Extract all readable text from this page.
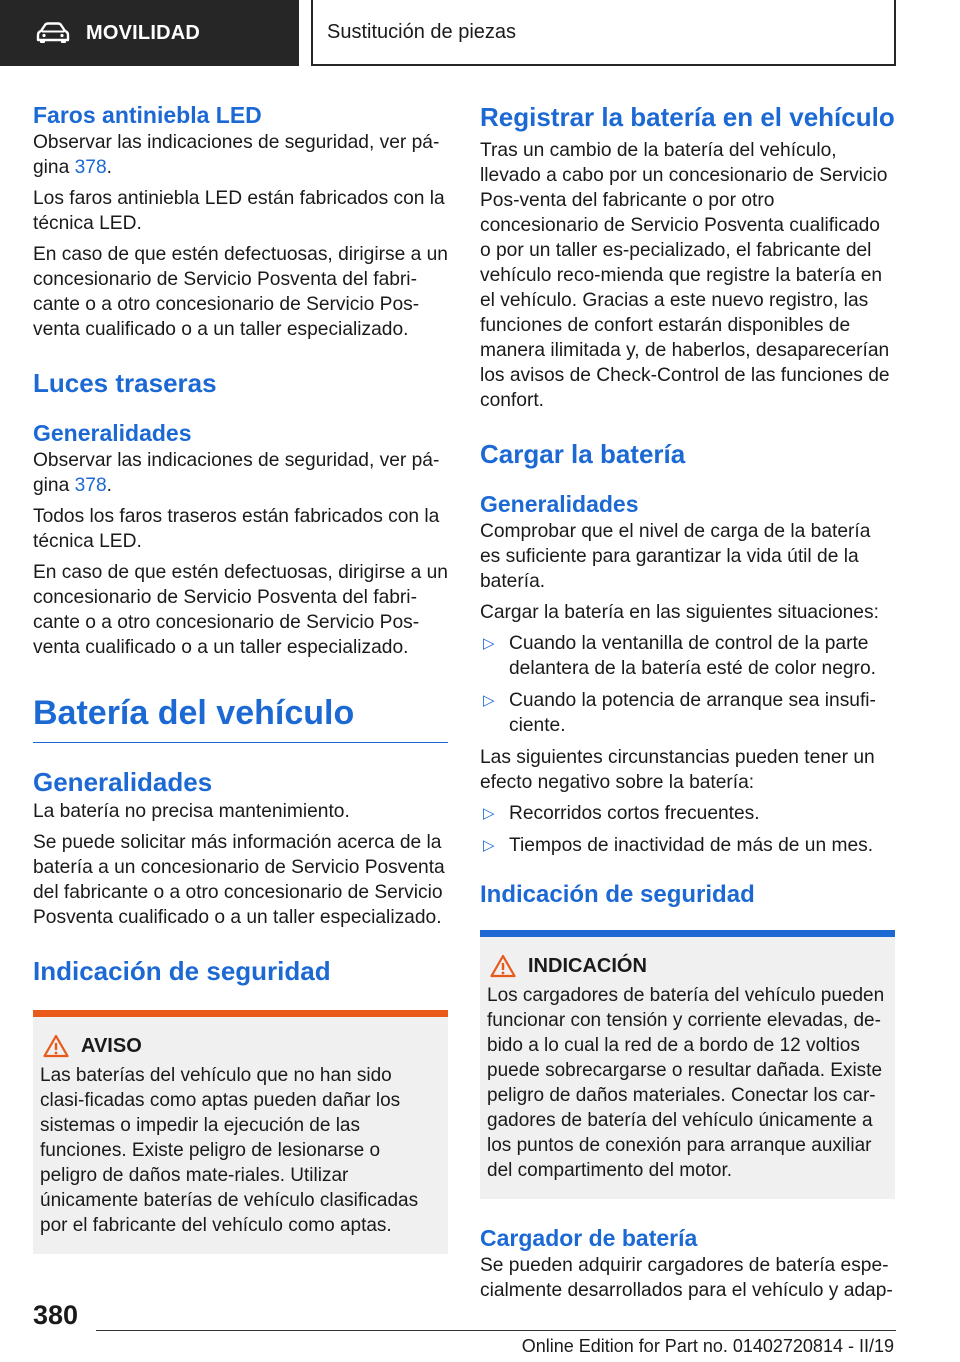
MOVILIDAD	Sustitución de piezas
Faros antiniebla LED

Observar las indicaciones de seguridad, ver pá-gina 378.

Los faros antiniebla LED están fabricados con la técnica LED.

En caso de que estén defectuosas, dirigirse a un concesionario de Servicio Posventa del fabri-cante o a otro concesionario de Servicio Pos-venta cualificado o a un taller especializado.

Luces traseras
Generalidades

Observar las indicaciones de seguridad, ver pá-gina 378.

Todos los faros traseros están fabricados con la técnica LED.

En caso de que estén defectuosas, dirigirse a un concesionario de Servicio Posventa del fabri-cante o a otro concesionario de Servicio Pos-venta cualificado o a un taller especializado.

Batería del vehículo
Generalidades

La batería no precisa mantenimiento.

Se puede solicitar más información acerca de la batería a un concesionario de Servicio Posventa del fabricante o a otro concesionario de Servicio Posventa cualificado o a un taller especializado.

Indicación de seguridad
AVISO

Las baterías del vehículo que no han sido clasi-ficadas como aptas pueden dañar los sistemas o impedir la ejecución de las funciones. Existe peligro de lesionarse o peligro de daños mate-riales. Utilizar únicamente baterías de vehículo clasificadas por el fabricante del vehículo como aptas.

Registrar la batería en el vehículo

Tras un cambio de la batería del vehículo, llevado a cabo por un concesionario de Servicio Pos-venta del fabricante o por otro concesionario de Servicio Posventa cualificado o por un taller es-pecializado, el fabricante del vehículo reco-mienda que registre la batería en el vehículo. Gracias a este nuevo registro, las funciones de confort estarán disponibles de manera ilimitada y, de haberlos, desaparecerían los avisos de Check-Control de las funciones de confort.

Cargar la batería
Generalidades

Comprobar que el nivel de carga de la batería es suficiente para garantizar la vida útil de la batería.

Cargar la batería en las siguientes situaciones:

▷ Cuando la ventanilla de control de la parte delantera de la batería esté de color negro.
▷ Cuando la potencia de arranque sea insufi-ciente.

Las siguientes circunstancias pueden tener un efecto negativo sobre la batería:

▷ Recorridos cortos frecuentes.
▷ Tiempos de inactividad de más de un mes.
Indicación de seguridad
INDICACIÓN

Los cargadores de batería del vehículo pueden funcionar con tensión y corriente elevadas, de-bido a lo cual la red de a bordo de 12 voltios puede sobrecargarse o resultar dañada. Existe peligro de daños materiales. Conectar los car-gadores de batería del vehículo únicamente a los puntos de conexión para arranque auxiliar del compartimento del motor.

Cargador de batería

Se pueden adquirir cargadores de batería espe-cialmente desarrollados para el vehículo y adap-

380
Online Edition for Part no. 01402720814 - II/19
